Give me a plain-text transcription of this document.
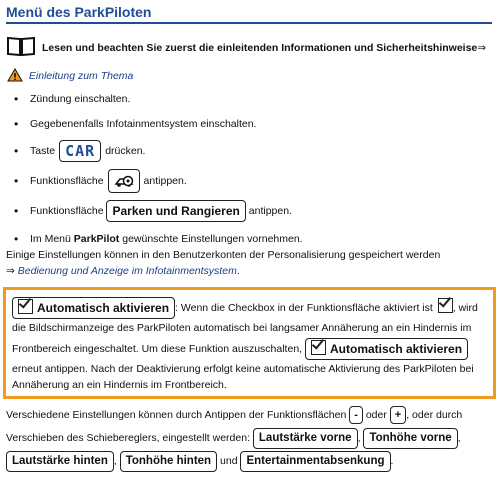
Menü des ParkPiloten
Lesen und beachten Sie zuerst die einleitenden Informationen und Sicherheitshinweise⇒ Einleitung zum Thema
• Zündung einschalten.
• Gegebenenfalls Infotainmentsystem einschalten.
• Taste CAR drücken.
• Funktionsfläche	antippen.
• Funktionsfläche Parken und Rangieren antippen.
• Im Menü ParkPilot gewünschte Einstellungen vornehmen.
Einige Einstellungen können in den Benutzerkonten der Personalisierung gespeichert werden
⇒ Bedienung und Anzeige im Infotainmentsystem.
Automatisch aktivieren : Wenn die Checkbox in der Funktionsfläche aktiviert ist , wird die Bildschirmanzeige des ParkPiloten automatisch bei langsamer Annäherung an ein Hindernis im Frontbereich eingeschaltet. Um diese Funktion auszuschalten, Automatisch aktivieren erneut antippen. Nach der Deaktivierung erfolgt keine automatische Aktivierung des ParkPiloten bei Annäherung an ein Hindernis im Frontbereich.
Verschiedene Einstellungen können durch Antippen der Funktionsflächen - oder + , oder durch Verschieben des Schiebereglers, eingestellt werden: Lautstärke vorne , Tonhöhe vorne , Lautstärke hinten , Tonhöhe hinten und Entertainmentabsenkung .
